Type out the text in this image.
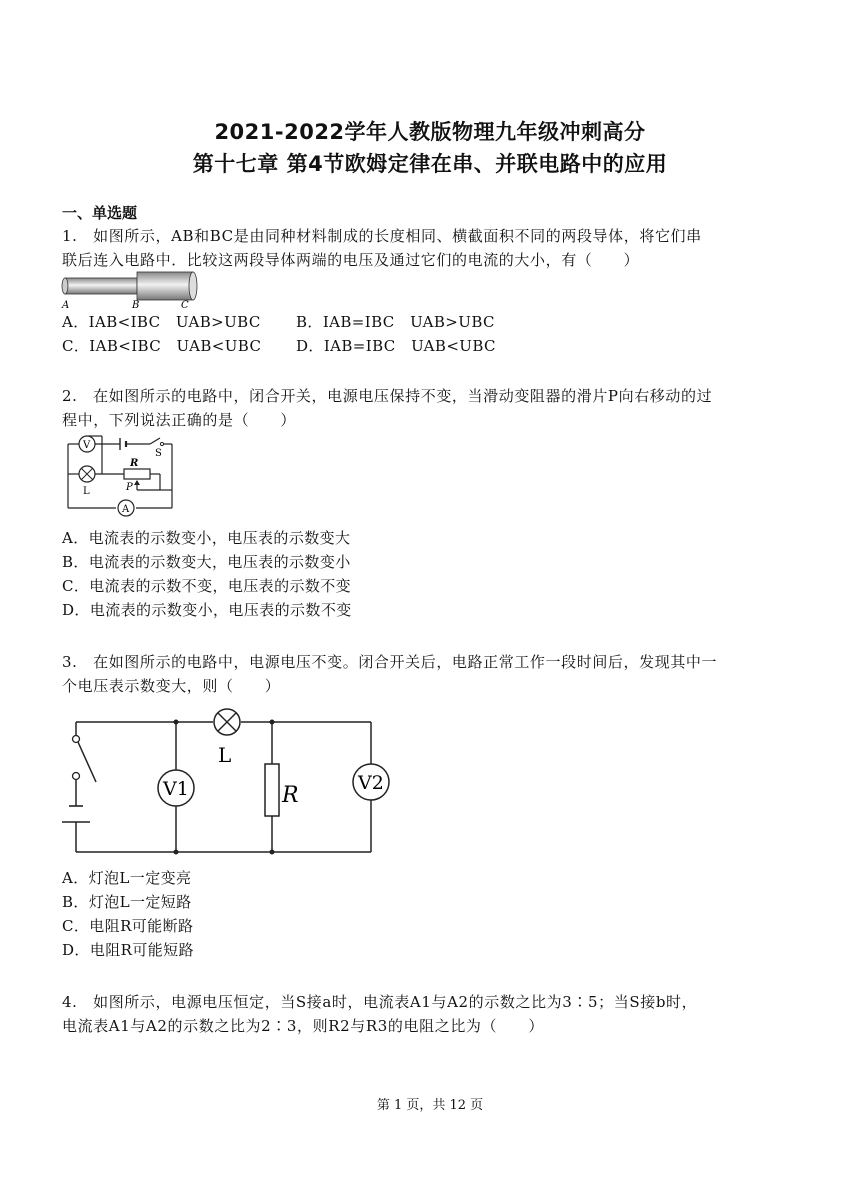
2021-2022学年人教版物理九年级冲刺高分
第十七章 第4节欧姆定律在串、并联电路中的应用
一、单选题
1.　如图所示，AB和BC是由同种材料制成的长度相同、横截面积不同的两段导体，将它们串
联后连入电路中．比较这两段导体两端的电压及通过它们的电流的大小，有（　　）
A	B	C
A．IAB<IBC　UAB>UBC B．IAB=IBC　UAB>UBC
C．IAB<IBC　UAB<UBC D．IAB=IBC　UAB<UBC
2.　在如图所示的电路中，闭合开关，电源电压保持不变，当滑动变阻器的滑片P向右移动的过
程中，下列说法正确的是（　　）
V
A
S
R
L	P
A．电流表的示数变小，电压表的示数变大
B．电流表的示数变大，电压表的示数变小
C．电流表的示数不变，电压表的示数不变
D．电流表的示数变小，电压表的示数不变
3.　在如图所示的电路中，电源电压不变。闭合开关后，电路正常工作一段时间后，发现其中一
个电压表示数变大，则（　　）
L
V1	R	V2
A．灯泡L一定变亮
B．灯泡L一定短路
C．电阻R可能断路
D．电阻R可能短路
4.　如图所示，电源电压恒定，当S接a时，电流表A1与A2的示数之比为3∶5；当S接b时，
电流表A1与A2的示数之比为2∶3，则R2与R3的电阻之比为（　　）
第 1 页，共 12 页
